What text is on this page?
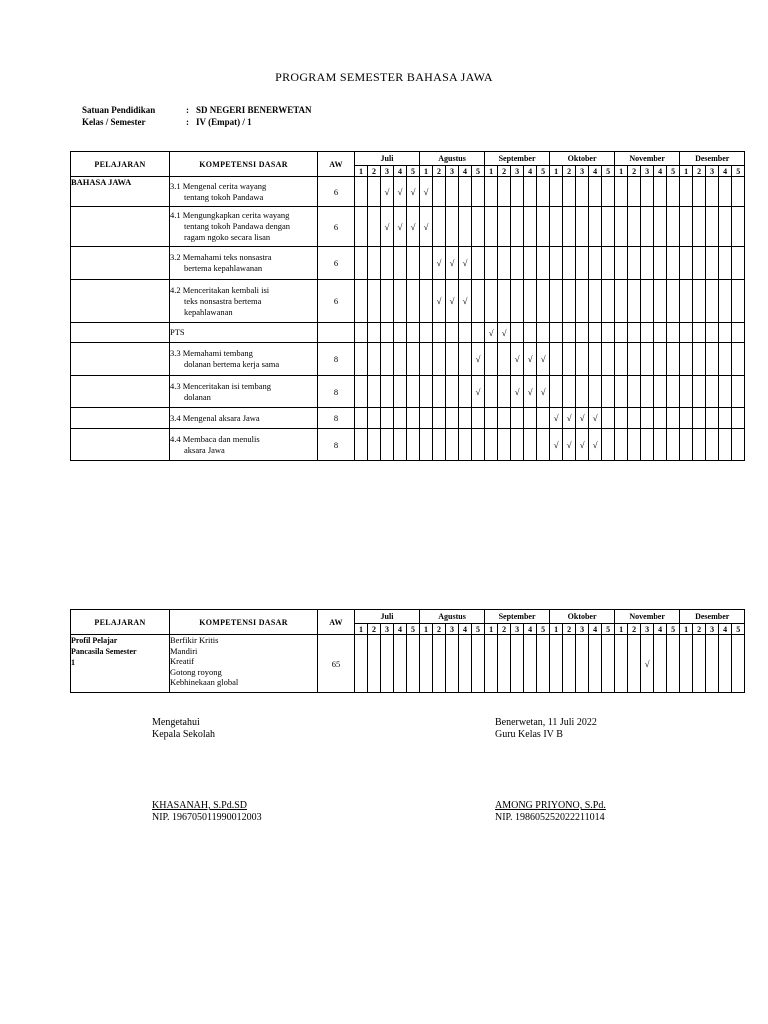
PROGRAM SEMESTER BAHASA JAWA
Satuan Pendidikan	: SD NEGERI BENERWETAN
Kelas / Semester	: IV (Empat) / 1
PELAJARAN	KOMPETENSI DASAR	AW	Juli					Agustus					September					Oktober					November					Desember				
			1	2	3	4	5	1	2	3	4	5	1	2	3	4	5	1	2	3	4	5	1	2	3	4	5	1	2	3	4	5
BAHASA JAWA	3.1 Mengenal cerita wayang
tentang tokoh Pandawa	6			√	√	√	√																								

	4.1 Mengungkapkan cerita wayang
tentang tokoh Pandawa dengan
ragam ngoko secara lisan	6			√	√	√	√																								

	3.2 Memahami teks nonsastra
bertema kepahlawanan	6							√	√	√																					

	4.2 Menceritakan kembali isi
teks nonsastra bertema
kepahlawanan	6							√	√	√																					

	PTS												√	√																		

	3.3 Memahami tembang
dolanan bertema kerja sama	8										√			√	√	√															

	4.3 Menceritakan isi tembang
dolanan	8										√			√	√	√															

	3.4 Mengenal aksara Jawa	8																√	√	√	√											

	4.4 Membaca dan menulis
aksara Jawa	8																√	√	√	√											
PELAJARAN	KOMPETENSI DASAR	AW	Juli					Agustus					September					Oktober					November					Desember				
			1	2	3	4	5	1	2	3	4	5	1	2	3	4	5	1	2	3	4	5	1	2	3	4	5	1	2	3	4	5

Profil Pelajar
Pancasila Semester
1	Berfikir Kritis
Mandiri
Kreatif
Gotong royong
Kebhinekaan global	65																							√							
Mengetahui
Kepala Sekolah
Benerwetan, 11 Juli 2022
Guru Kelas IV B
KHASANAH, S.Pd.SD
NIP. 196705011990012003
AMONG PRIYONO, S.Pd.
NIP. 198605252022211014
